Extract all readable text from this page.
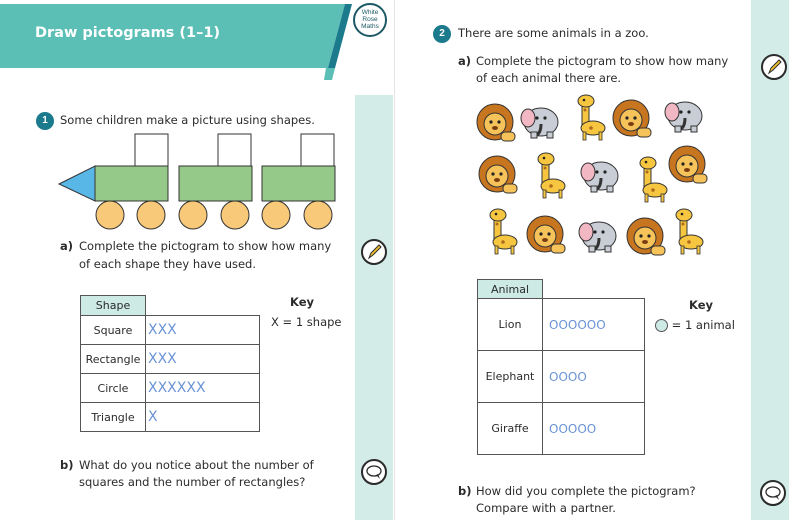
Draw pictograms (1–1)
White
Rose
Maths
1	Some children make a picture using shapes.
a) Complete the pictogram to show how many
of each shape they have used.
Shape	
Square	XXX
Rectangle	XXX
Circle	XXXXXX
Triangle	X
Key
X = 1 shape
b) What do you notice about the number of
squares and the number of rectangles?
2	There are some animals in a zoo.
a) Complete the pictogram to show how many
of each animal there are.
Animal	
Lion	OOOOOO
Elephant	OOOO
Giraffe	OOOOO
Key
= 1 animal
b) How did you complete the pictogram?
Compare with a partner.
